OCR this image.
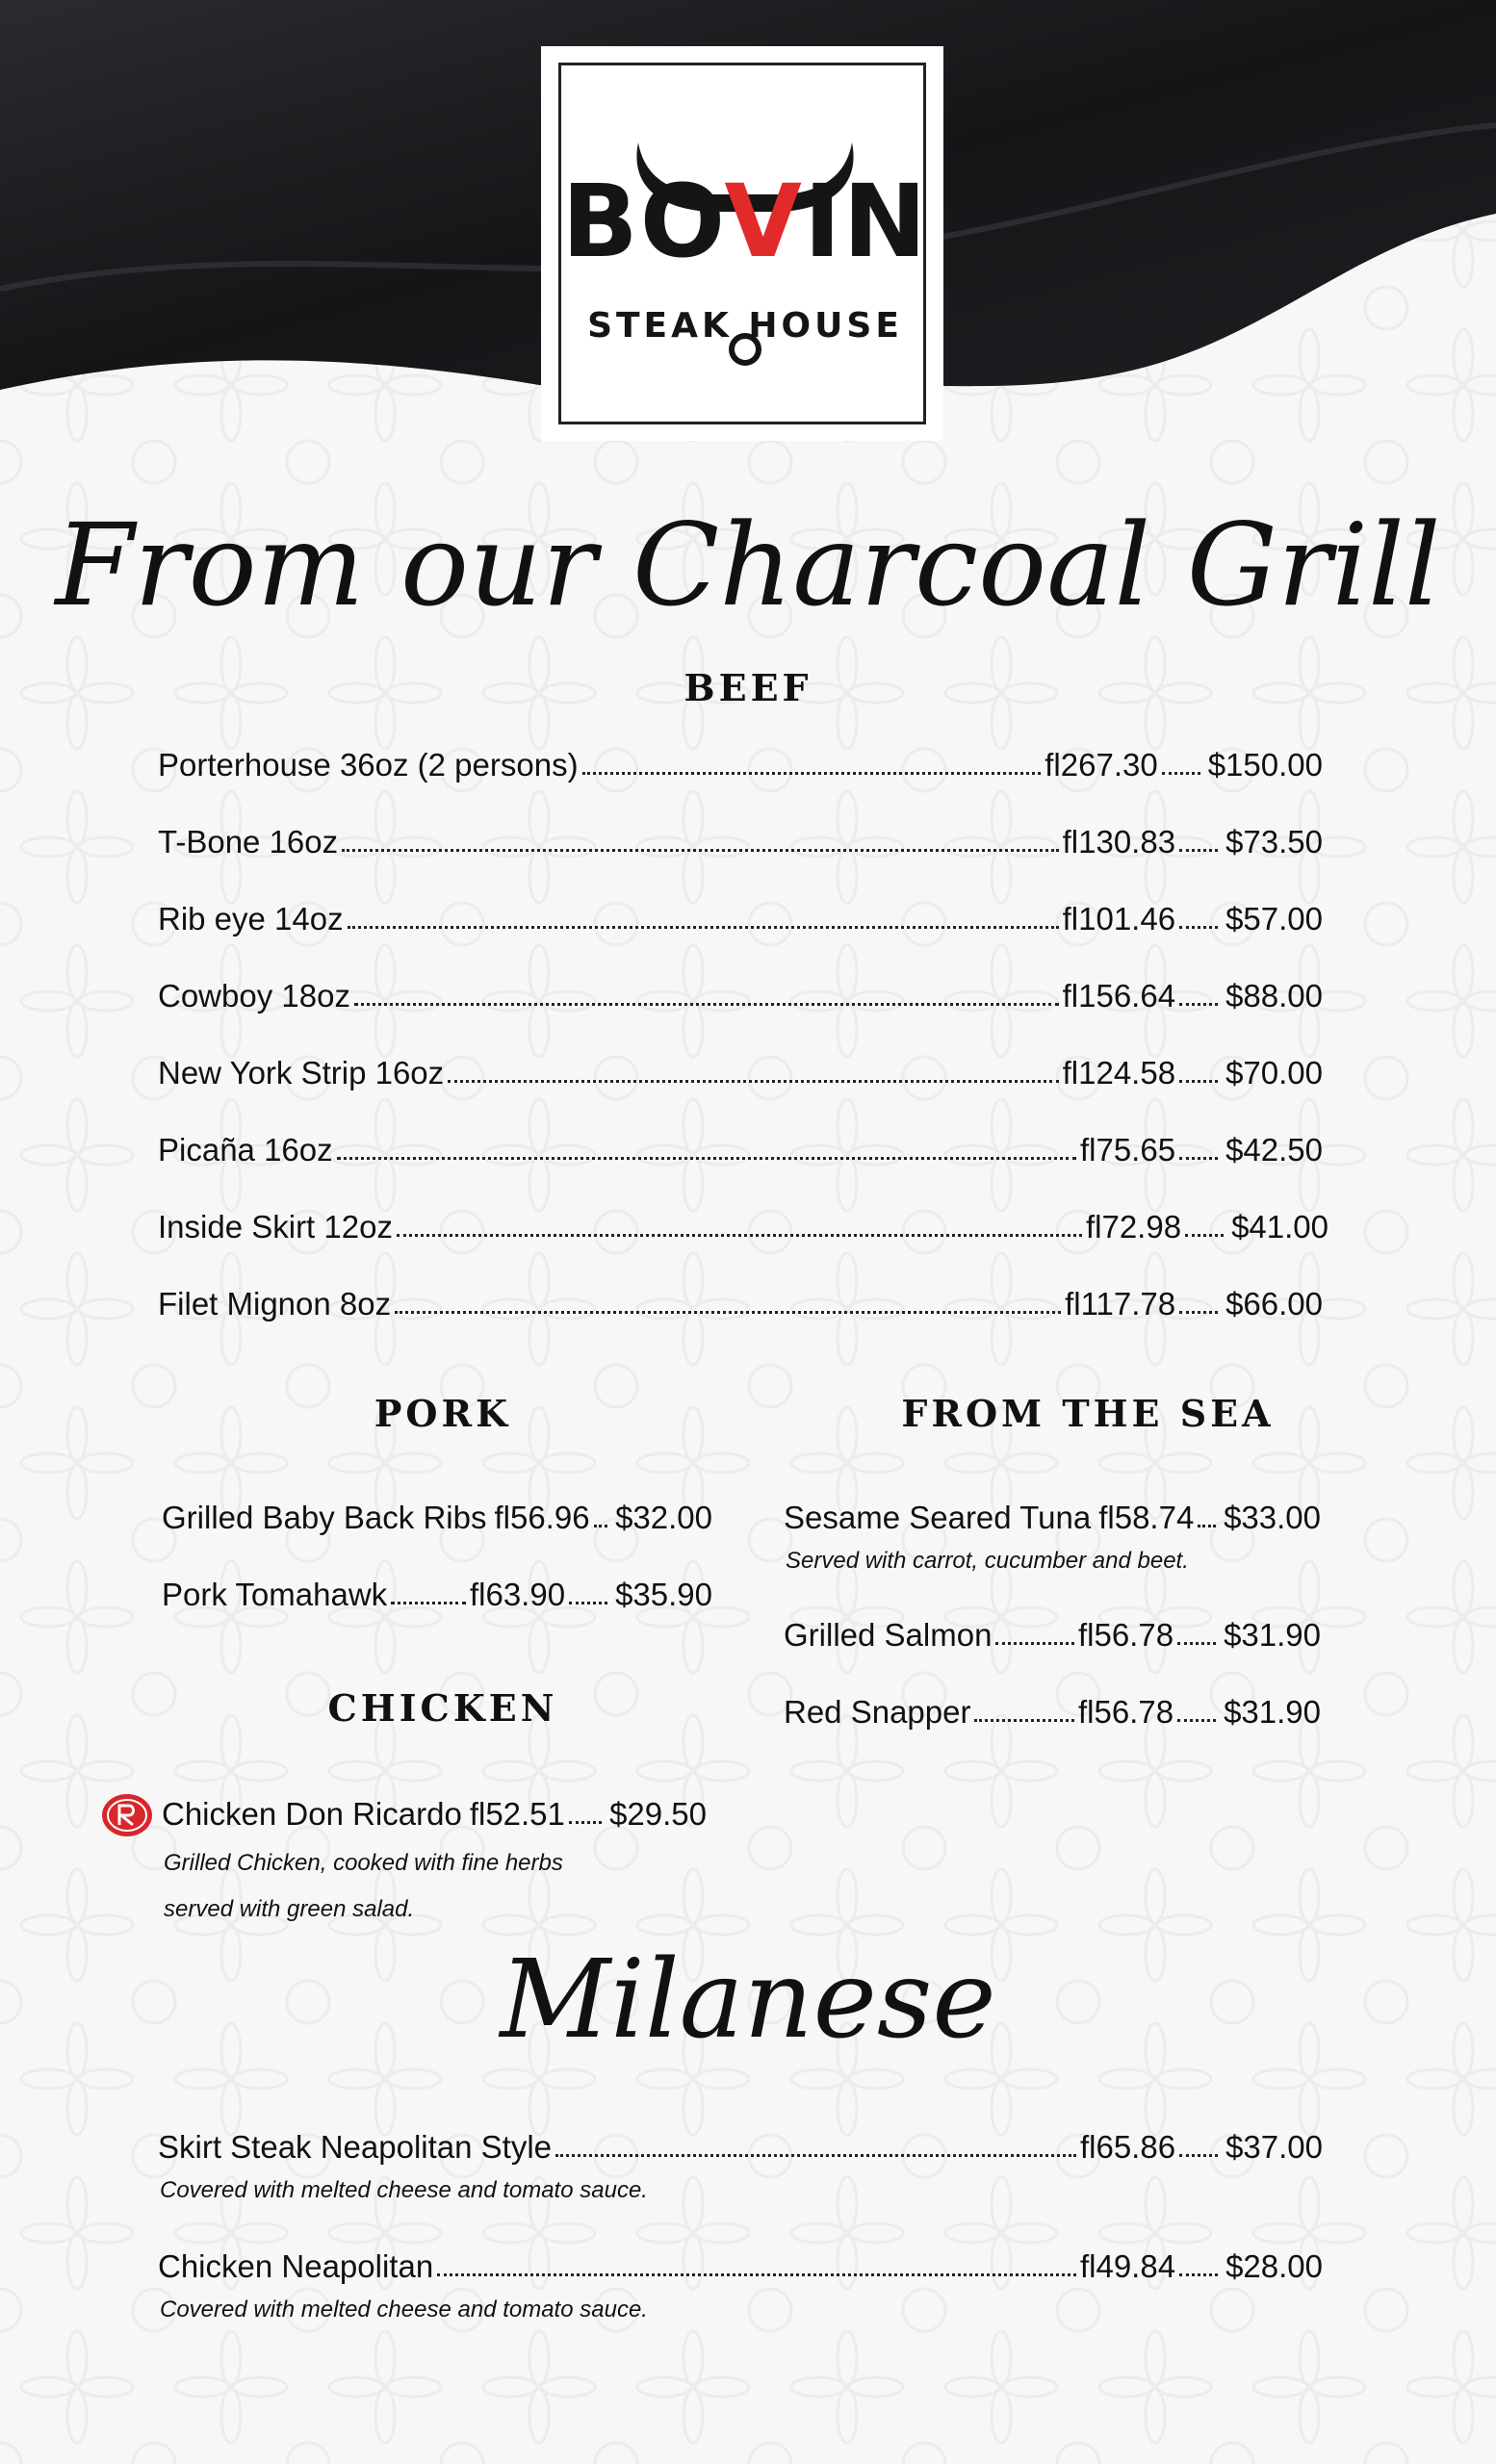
BOVIN
STEAK HOUSE
From our Charcoal Grill
BEEF
Porterhouse 36oz (2 persons)	fl267.30 $150.00
T-Bone 16oz	fl130.83 $73.50
Rib eye 14oz	fl101.46 $57.00
Cowboy 18oz	fl156.64 $88.00
New York Strip 16oz	fl124.58 $70.00
Picaña 16oz	fl75.65 $42.50
Inside Skirt 12oz	fl72.98 $41.00
Filet Mignon 8oz	fl117.78 $66.00
PORK
Grilled Baby Back Ribs fl56.96 $32.00
Pork Tomahawk	fl63.90 $35.90
FROM THE SEA
Sesame Seared Tuna fl58.74 $33.00
Served with carrot, cucumber and beet.
Grilled Salmon	fl56.78 $31.90
Red Snapper	fl56.78 $31.90
CHICKEN
Chicken Don Ricardo fl52.51 $29.50
Grilled Chicken, cooked with fine herbs
served with green salad.
Milanese
Skirt Steak Neapolitan Style	fl65.86 $37.00
Covered with melted cheese and tomato sauce.
Chicken Neapolitan	fl49.84 $28.00
Covered with melted cheese and tomato sauce.
